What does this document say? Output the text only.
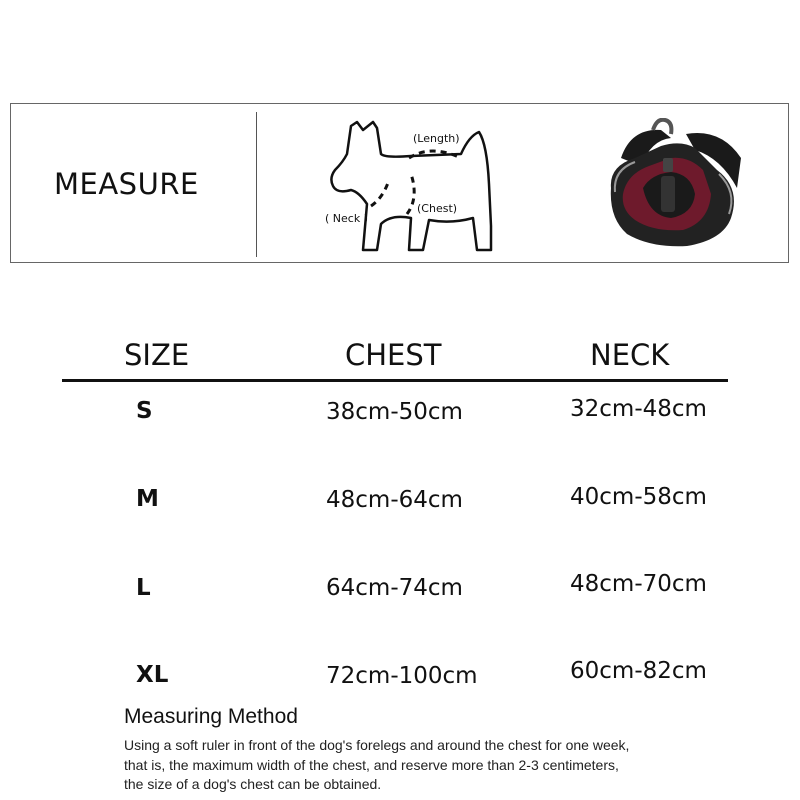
MEASURE
(Length)
( Neck )
(Chest)
SIZE	CHEST	NECK
S	38cm-50cm	32cm-48cm
M	48cm-64cm	40cm-58cm
L	64cm-74cm	48cm-70cm
XL	72cm-100cm	60cm-82cm
Measuring Method
Using a soft ruler in front of the dog's forelegs and around the chest for one week,
that is, the maximum width of the chest, and reserve more than 2-3 centimeters,
the size of a dog's chest can be obtained.
